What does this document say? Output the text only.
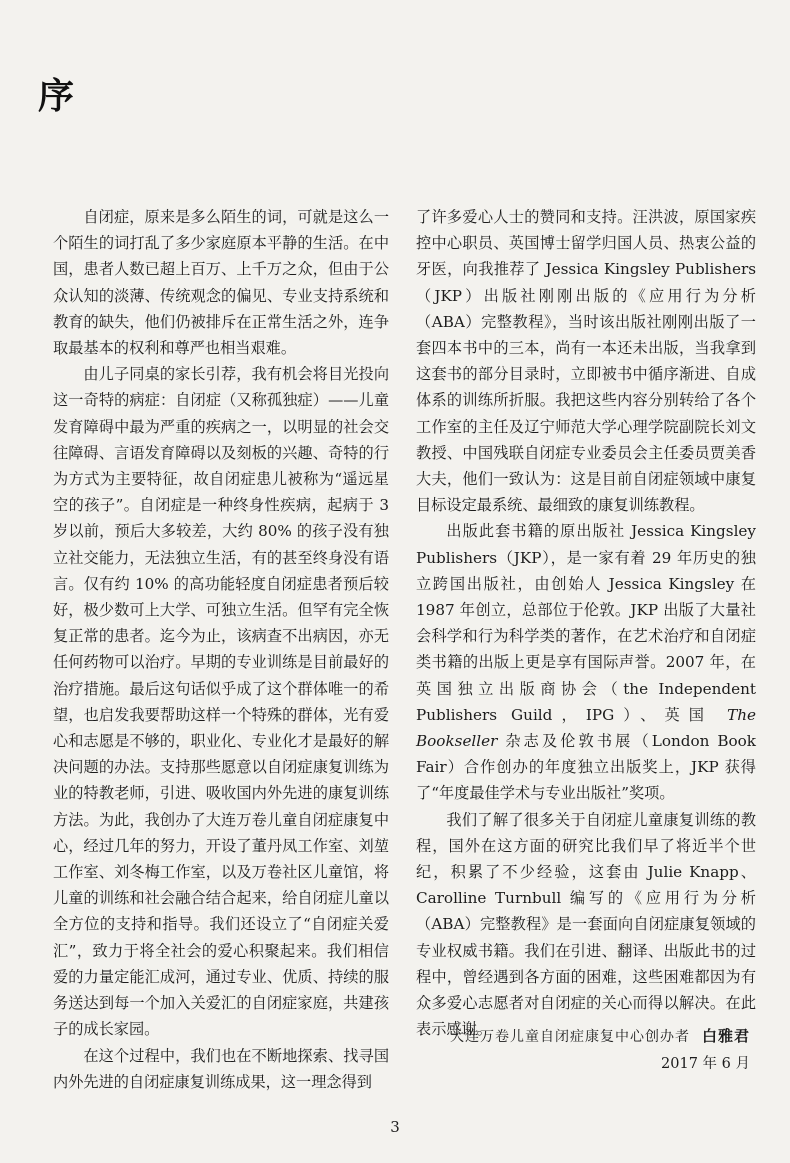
序

自闭症，原来是多么陌生的词，可就是这么一个陌生的词打乱了多少家庭原本平静的生活。在中国，患者人数已超上百万、上千万之众，但由于公众认知的淡薄、传统观念的偏见、专业支持系统和教育的缺失，他们仍被排斥在正常生活之外，连争取最基本的权利和尊严也相当艰难。

由儿子同桌的家长引荐，我有机会将目光投向这一奇特的病症：自闭症（又称孤独症）——儿童发育障碍中最为严重的疾病之一，以明显的社会交往障碍、言语发育障碍以及刻板的兴趣、奇特的行为方式为主要特征，故自闭症患儿被称为“遥远星空的孩子”。自闭症是一种终身性疾病，起病于 3 岁以前，预后大多较差，大约 80% 的孩子没有独立社交能力，无法独立生活，有的甚至终身没有语言。仅有约 10% 的高功能轻度自闭症患者预后较好，极少数可上大学、可独立生活。但罕有完全恢复正常的患者。迄今为止，该病查不出病因，亦无任何药物可以治疗。早期的专业训练是目前最好的治疗措施。最后这句话似乎成了这个群体唯一的希望，也启发我要帮助这样一个特殊的群体，光有爱心和志愿是不够的，职业化、专业化才是最好的解决问题的办法。支持那些愿意以自闭症康复训练为业的特教老师，引进、吸收国内外先进的康复训练方法。为此，我创办了大连万卷儿童自闭症康复中心，经过几年的努力，开设了董丹凤工作室、刘堃工作室、刘冬梅工作室，以及万卷社区儿童馆，将儿童的训练和社会融合结合起来，给自闭症儿童以全方位的支持和指导。我们还设立了“自闭症关爱汇”，致力于将全社会的爱心积聚起来。我们相信爱的力量定能汇成河，通过专业、优质、持续的服务送达到每一个加入关爱汇的自闭症家庭，共建孩子的成长家园。

在这个过程中，我们也在不断地探索、找寻国内外先进的自闭症康复训练成果，这一理念得到

了许多爱心人士的赞同和支持。汪洪波，原国家疾控中心职员、英国博士留学归国人员、热衷公益的牙医，向我推荐了 Jessica Kingsley Publishers（JKP）出版社刚刚出版的《应用行为分析（ABA）完整教程》，当时该出版社刚刚出版了一套四本书中的三本，尚有一本还未出版，当我拿到这套书的部分目录时，立即被书中循序渐进、自成体系的训练所折服。我把这些内容分别转给了各个工作室的主任及辽宁师范大学心理学院副院长刘文教授、中国残联自闭症专业委员会主任委员贾美香大夫，他们一致认为：这是目前自闭症领域中康复目标设定最系统、最细致的康复训练教程。

出版此套书籍的原出版社 Jessica Kingsley Publishers（JKP），是一家有着 29 年历史的独立跨国出版社，由创始人 Jessica Kingsley 在 1987 年创立，总部位于伦敦。JKP 出版了大量社会科学和行为科学类的著作，在艺术治疗和自闭症类书籍的出版上更是享有国际声誉。2007 年，在英国独立出版商协会（the Independent Publishers Guild，IPG）、英国 The Bookseller 杂志及伦敦书展（London Book Fair）合作创办的年度独立出版奖上，JKP 获得了“年度最佳学术与专业出版社”奖项。

我们了解了很多关于自闭症儿童康复训练的教程，国外在这方面的研究比我们早了将近半个世纪，积累了不少经验，这套由 Julie Knapp、Carolline Turnbull 编写的《应用行为分析（ABA）完整教程》是一套面向自闭症康复领域的专业权威书籍。我们在引进、翻译、出版此书的过程中，曾经遇到各方面的困难，这些困难都因为有众多爱心志愿者对自闭症的关心而得以解决。在此表示感谢。

大连万卷儿童自闭症康复中心创办者 白雅君
2017 年 6 月
3
